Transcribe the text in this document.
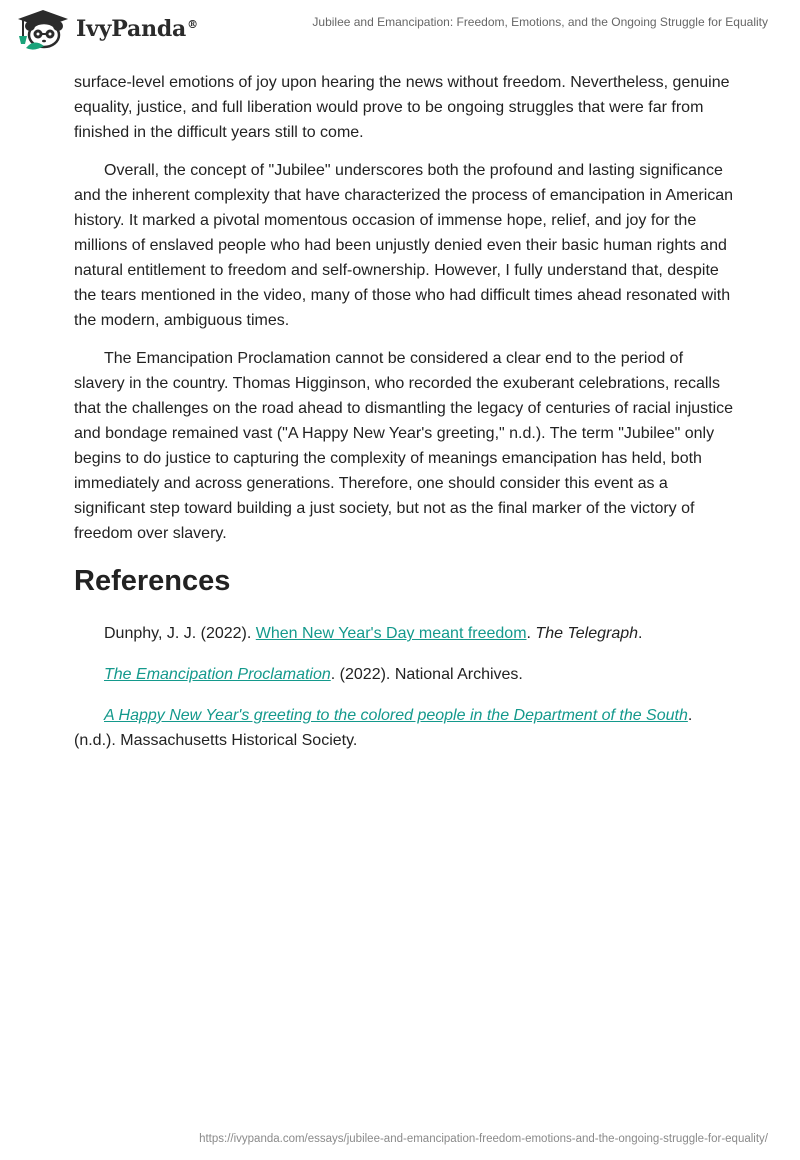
IvyPanda®	Jubilee and Emancipation: Freedom, Emotions, and the Ongoing Struggle for Equality

surface-level emotions of joy upon hearing the news without freedom. Nevertheless, genuine equality, justice, and full liberation would prove to be ongoing struggles that were far from finished in the difficult years still to come.

Overall, the concept of "Jubilee" underscores both the profound and lasting significance and the inherent complexity that have characterized the process of emancipation in American history. It marked a pivotal momentous occasion of immense hope, relief, and joy for the millions of enslaved people who had been unjustly denied even their basic human rights and natural entitlement to freedom and self-ownership. However, I fully understand that, despite the tears mentioned in the video, many of those who had difficult times ahead resonated with the modern, ambiguous times.

The Emancipation Proclamation cannot be considered a clear end to the period of slavery in the country. Thomas Higginson, who recorded the exuberant celebrations, recalls that the challenges on the road ahead to dismantling the legacy of centuries of racial injustice and bondage remained vast ("A Happy New Year's greeting," n.d.). The term "Jubilee" only begins to do justice to capturing the complexity of meanings emancipation has held, both immediately and across generations. Therefore, one should consider this event as a significant step toward building a just society, but not as the final marker of the victory of freedom over slavery.

References

Dunphy, J. J. (2022). When New Year's Day meant freedom. The Telegraph.

The Emancipation Proclamation. (2022). National Archives.

A Happy New Year's greeting to the colored people in the Department of the South. (n.d.). Massachusetts Historical Society.

https://ivypanda.com/essays/jubilee-and-emancipation-freedom-emotions-and-the-ongoing-struggle-for-equality/
